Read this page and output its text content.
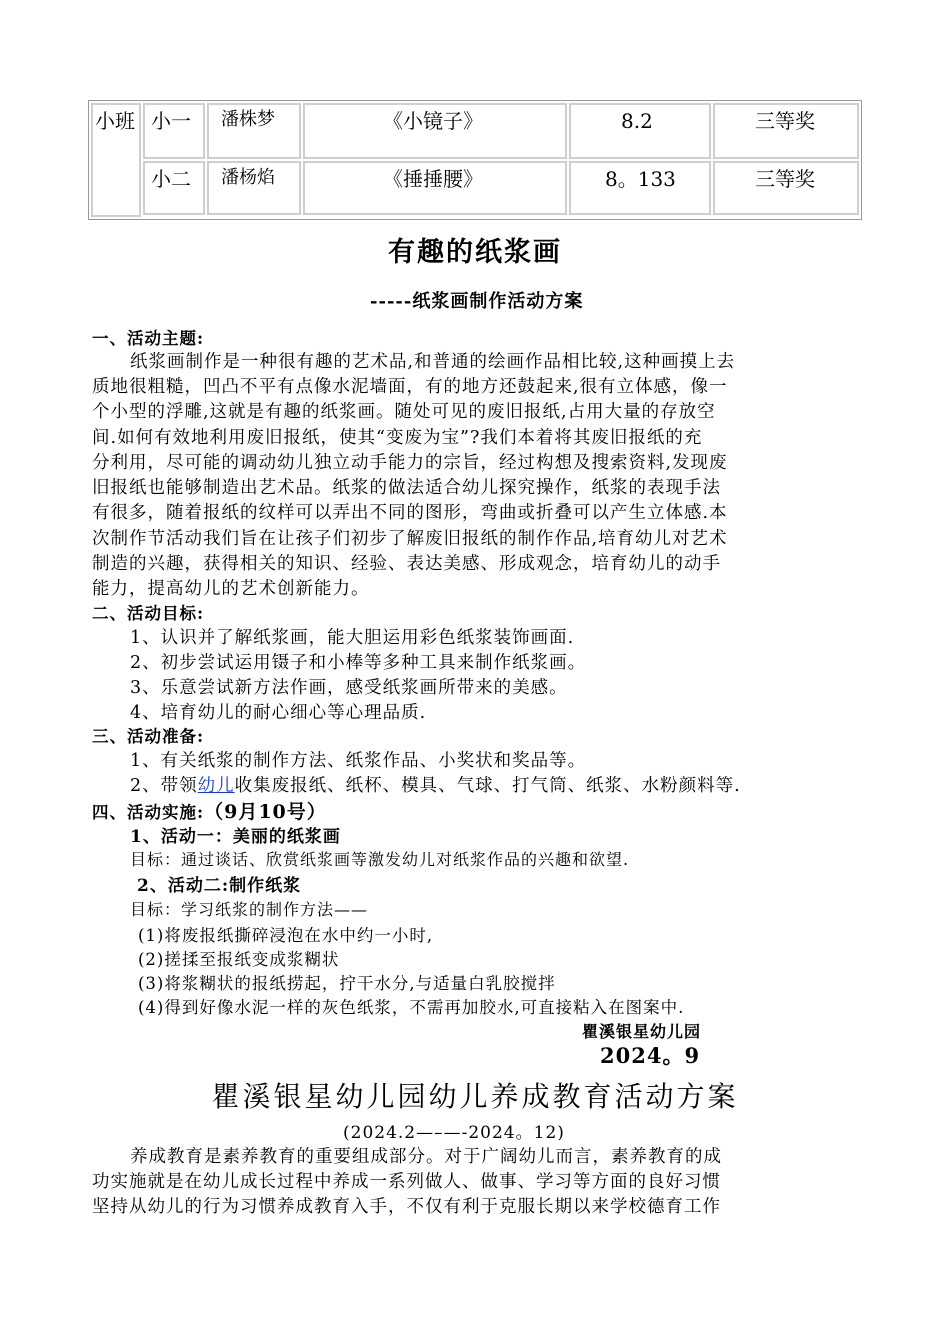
小班 小一 潘株梦	《小镜子》	8.2	三等奖
小二 潘杨焰	《捶捶腰》	8。133	三等奖
有趣的纸浆画
-----纸浆画制作活动方案
一、活动主题:
纸浆画制作是一种很有趣的艺术品,和普通的绘画作品相比较,这种画摸上去
质地很粗糙，凹凸不平有点像水泥墙面，有的地方还鼓起来,很有立体感，像一
个小型的浮雕,这就是有趣的纸浆画。随处可见的废旧报纸,占用大量的存放空
间.如何有效地利用废旧报纸，使其“变废为宝”?我们本着将其废旧报纸的充
分利用，尽可能的调动幼儿独立动手能力的宗旨，经过构想及搜索资料,发现废
旧报纸也能够制造出艺术品。纸浆的做法适合幼儿探究操作，纸浆的表现手法
有很多，随着报纸的纹样可以弄出不同的图形，弯曲或折叠可以产生立体感.本
次制作节活动我们旨在让孩子们初步了解废旧报纸的制作作品,培育幼儿对艺术
制造的兴趣，获得相关的知识、经验、表达美感、形成观念，培育幼儿的动手
能力，提高幼儿的艺术创新能力。
二、活动目标:
1、认识并了解纸浆画，能大胆运用彩色纸浆装饰画面.
2、初步尝试运用镊子和小棒等多种工具来制作纸浆画。
3、乐意尝试新方法作画，感受纸浆画所带来的美感。
4、培育幼儿的耐心细心等心理品质.
三、活动准备:
1、有关纸浆的制作方法、纸浆作品、小奖状和奖品等。
2、带领幼儿收集废报纸、纸杯、模具、气球、打气筒、纸浆、水粉颜料等.
四、活动实施:（9月10号）
1、活动一：美丽的纸浆画
目标：通过谈话、欣赏纸浆画等激发幼儿对纸浆作品的兴趣和欲望.
2、活动二:制作纸浆
目标：学习纸浆的制作方法——
(1)将废报纸撕碎浸泡在水中约一小时,
(2)搓揉至报纸变成浆糊状
(3)将浆糊状的报纸捞起，拧干水分,与适量白乳胶搅拌
(4)得到好像水泥一样的灰色纸浆，不需再加胶水,可直接粘入在图案中.
瞿溪银星幼儿园
2024。9
瞿溪银星幼儿园幼儿养成教育活动方案
(2024.2—–—-2024。12)
养成教育是素养教育的重要组成部分。对于广阔幼儿而言，素养教育的成
功实施就是在幼儿成长过程中养成一系列做人、做事、学习等方面的良好习惯
坚持从幼儿的行为习惯养成教育入手，不仅有利于克服长期以来学校德育工作
